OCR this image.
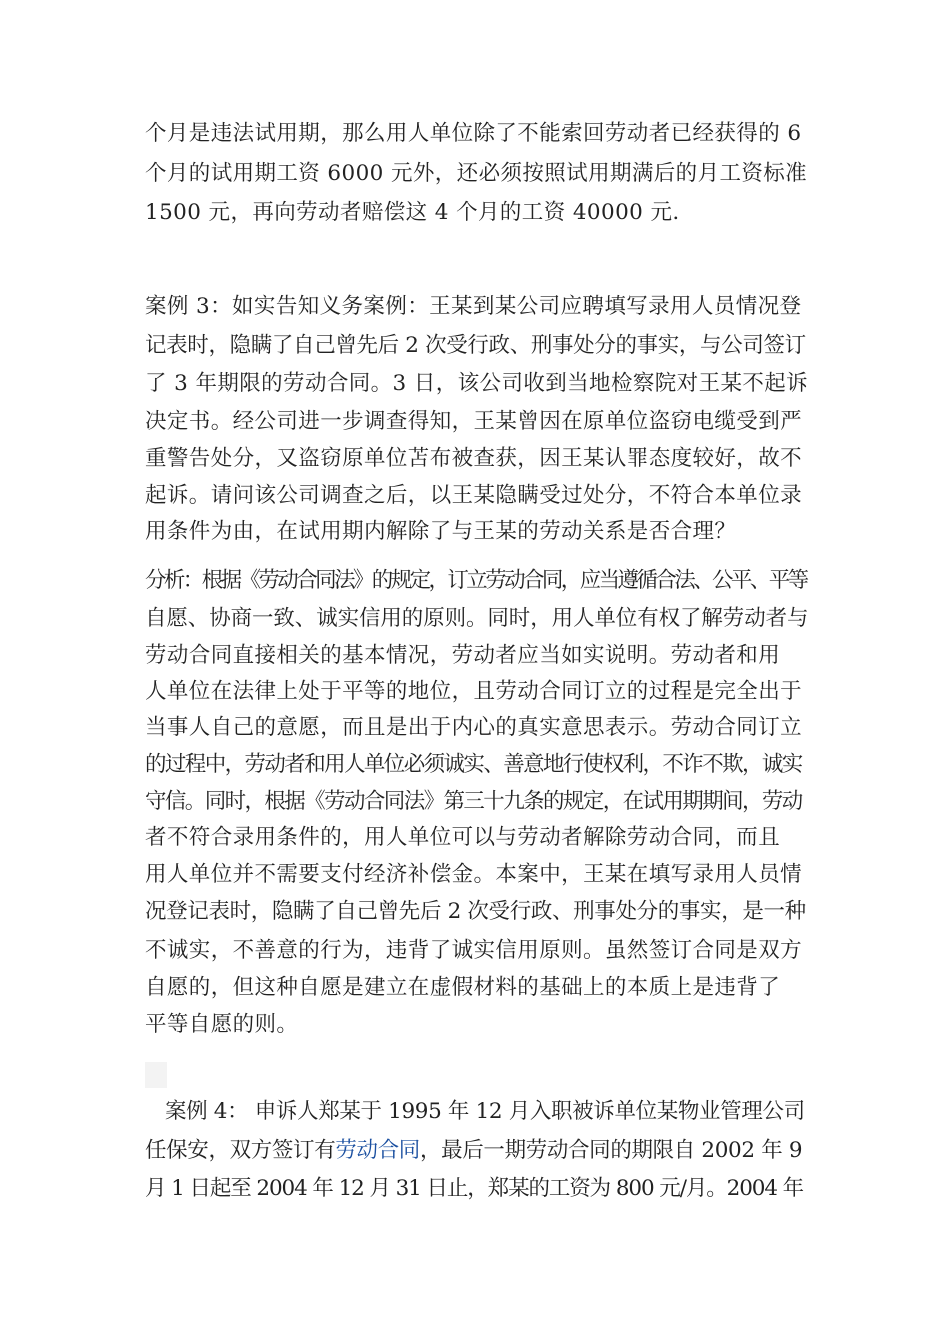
个月是违法试用期，那么用人单位除了不能索回劳动者已经获得的 6
个月的试用期工资 6000 元外，还必须按照试用期满后的月工资标准
1500 元，再向劳动者赔偿这 4 个月的工资 40000 元.
案例 3：如实告知义务案例：王某到某公司应聘填写录用人员情况登
记表时，隐瞒了自己曾先后 2 次受行政、刑事处分的事实，与公司签订
了 3 年期限的劳动合同。3 日，该公司收到当地检察院对王某不起诉
决定书。经公司进一步调查得知，王某曾因在原单位盗窃电缆受到严
重警告处分，又盗窃原单位苫布被查获，因王某认罪态度较好，故不
起诉。请问该公司调查之后，以王某隐瞒受过处分，不符合本单位录
用条件为由，在试用期内解除了与王某的劳动关系是否合理？
分析：根据《劳动合同法》的规定，订立劳动合同，应当遵循合法、公平、平等
自愿、协商一致、诚实信用的原则。同时，用人单位有权了解劳动者与
劳动合同直接相关的基本情况，劳动者应当如实说明。劳动者和用
人单位在法律上处于平等的地位，且劳动合同订立的过程是完全出于
当事人自己的意愿，而且是出于内心的真实意思表示。劳动合同订立
的过程中，劳动者和用人单位必须诚实、善意地行使权利，不诈不欺，诚实
守信。同时，根据《劳动合同法》第三十九条的规定，在试用期期间，劳动
者不符合录用条件的，用人单位可以与劳动者解除劳动合同，而且
用人单位并不需要支付经济补偿金。本案中，王某在填写录用人员情
况登记表时，隐瞒了自己曾先后 2 次受行政、刑事处分的事实，是一种
不诚实，不善意的行为，违背了诚实信用原则。虽然签订合同是双方
自愿的，但这种自愿是建立在虚假材料的基础上的本质上是违背了
平等自愿的则。
案例 4： 申诉人郑某于 1995 年 12 月入职被诉单位某物业管理公司
任保安，双方签订有劳动合同，最后一期劳动合同的期限自 2002 年 9
月 1 日起至 2004 年 12 月 31 日止，郑某的工资为 800 元/月。2004 年
